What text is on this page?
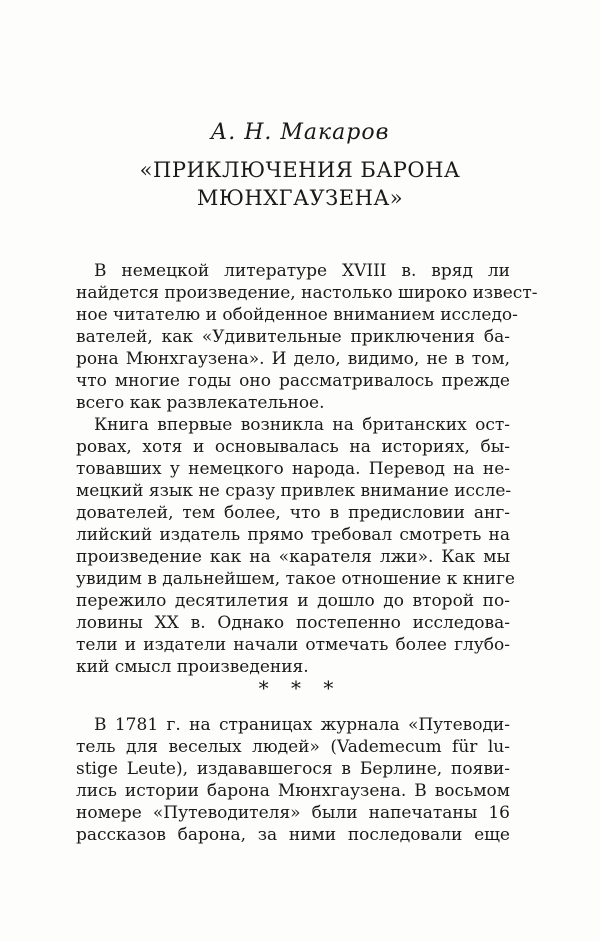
А. Н. Макаров
«ПРИКЛЮЧЕНИЯ БАРОНА
МЮНХГАУЗЕНА»
В немецкой литературе XVIII в. вряд ли
найдется произведение, настолько широко извест-
ное читателю и обойденное вниманием исследо-
вателей, как «Удивительные приключения ба-
рона Мюнхгаузена». И дело, видимо, не в том,
что многие годы оно рассматривалось прежде
всего как развлекательное.
Книга впервые возникла на британских ост-
ровах, хотя и основывалась на историях, бы-
товавших у немецкого народа. Перевод на не-
мецкий язык не сразу привлек внимание иссле-
дователей, тем более, что в предисловии анг-
лийский издатель прямо требовал смотреть на
произведение как на «карателя лжи». Как мы
увидим в дальнейшем, такое отношение к книге
пережило десятилетия и дошло до второй по-
ловины XX в. Однако постепенно исследова-
тели и издатели начали отмечать более глубо-
кий смысл произведения.
* * *
В 1781 г. на страницах журнала «Путеводи-
тель для веселых людей» (Vademecum für lu-
stige Leute), издававшегося в Берлине, появи-
лись истории барона Мюнхгаузена. В восьмом
номере «Путеводителя» были напечатаны 16
рассказов барона, за ними последовали еще
